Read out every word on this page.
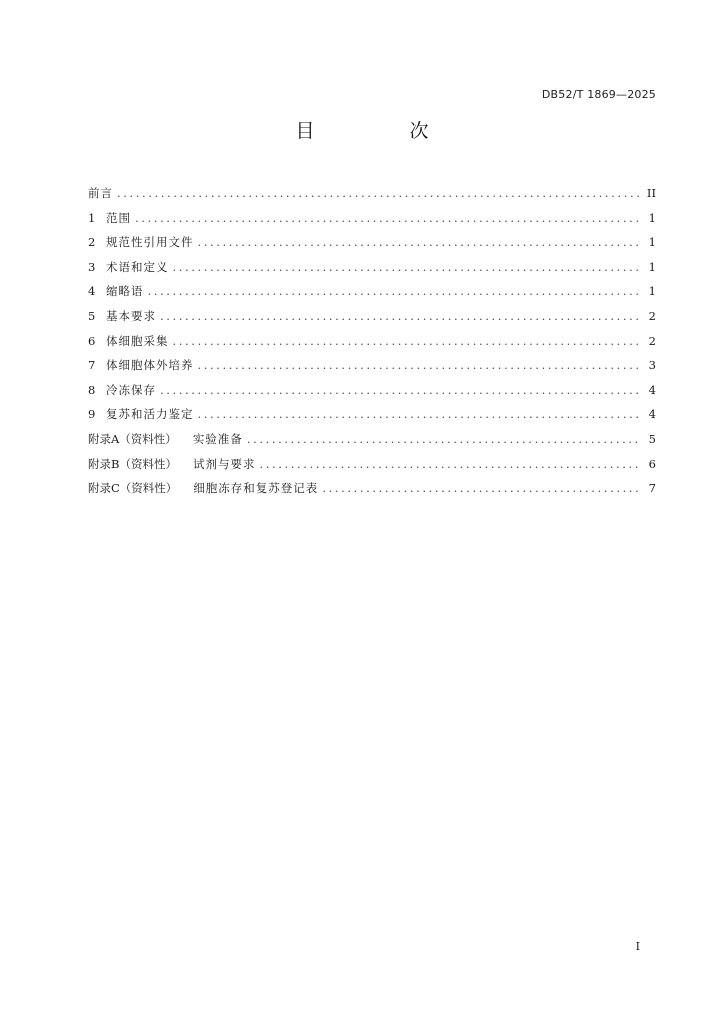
DB52/T 1869—2025
目　次
前言 .....	II
1 范围 .....	1
2 规范性引用文件 .....	1
3 术语和定义 .....	1
4 缩略语 .....	1
5 基本要求 .....	2
6 体细胞采集 .....	2
7 体细胞体外培养 .....	3
8 冷冻保存 .....	4
9 复苏和活力鉴定 .....	4
附录A（资料性） 实验准备 .....	5
附录B（资料性） 试剂与要求 .....	6
附录C（资料性） 细胞冻存和复苏登记表 .....	7
I
